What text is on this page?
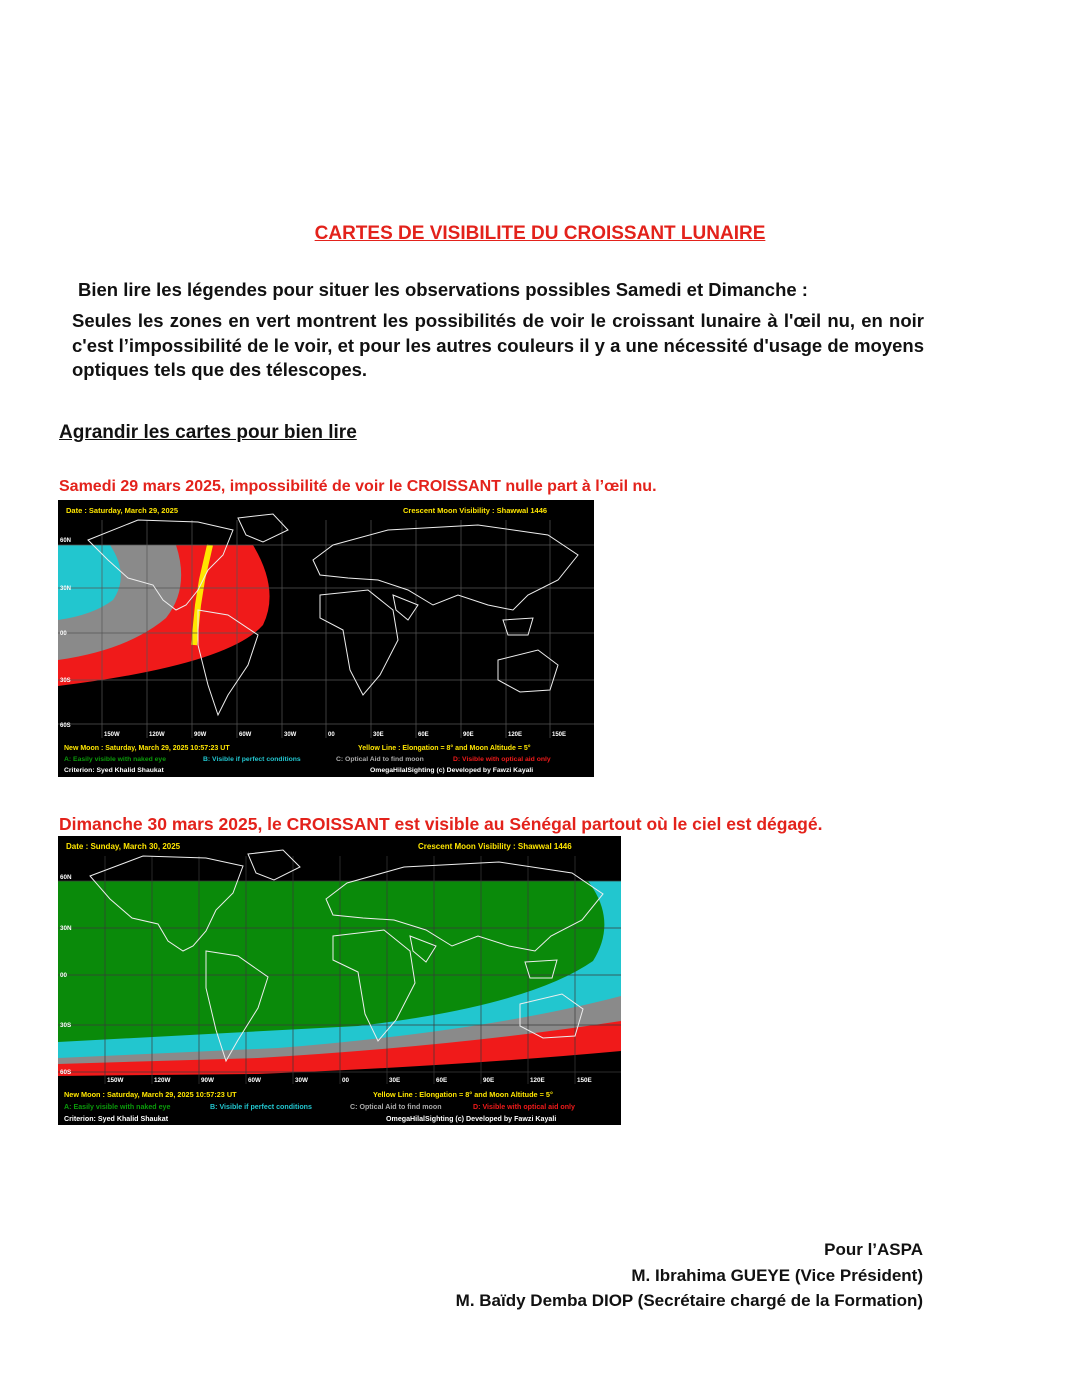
CARTES DE VISIBILITE DU CROISSANT LUNAIRE
Bien lire les légendes pour situer les observations possibles Samedi et Dimanche :
Seules les zones en vert montrent les possibilités de voir le croissant lunaire à l'œil nu, en noir c'est l’impossibilité de le voir, et pour les autres couleurs il y a une nécessité d'usage de moyens optiques tels que des télescopes.
Agrandir les cartes pour bien lire
Samedi 29 mars 2025, impossibilité de voir le CROISSANT nulle part à l’œil nu.
Date : Saturday, March 29, 2025	Crescent Moon Visibility : Shawwal 1446
60N
30N
00
30S
60S
150W	120W	90W	60W	30W	00	30E	60E	90E	120E	150E
New Moon : Saturday, March 29, 2025 10:57:23 UT	Yellow Line : Elongation = 8° and Moon Altitude = 5°
A: Easily visible with naked eye	B: Visible if perfect conditions	C: Optical Aid to find moon	D: Visible with optical aid only
Criterion: Syed Khalid Shaukat	OmegaHilalSighting (c) Developed by Fawzi Kayali
Dimanche 30 mars 2025, le CROISSANT est visible au Sénégal partout où le ciel est dégagé.
Date : Sunday, March 30, 2025	Crescent Moon Visibility : Shawwal 1446
60N
30N
00
30S
60S
150W	120W	90W	60W	30W	00	30E	60E	90E	120E	150E
New Moon : Saturday, March 29, 2025 10:57:23 UT	Yellow Line : Elongation = 8° and Moon Altitude = 5°
A: Easily visible with naked eye	B: Visible if perfect conditions	C: Optical Aid to find moon	D: Visible with optical aid only
Criterion: Syed Khalid Shaukat	OmegaHilalSighting (c) Developed by Fawzi Kayali
Pour l’ASPA
M. Ibrahima GUEYE (Vice Président)
M. Baïdy Demba DIOP (Secrétaire chargé de la Formation)
